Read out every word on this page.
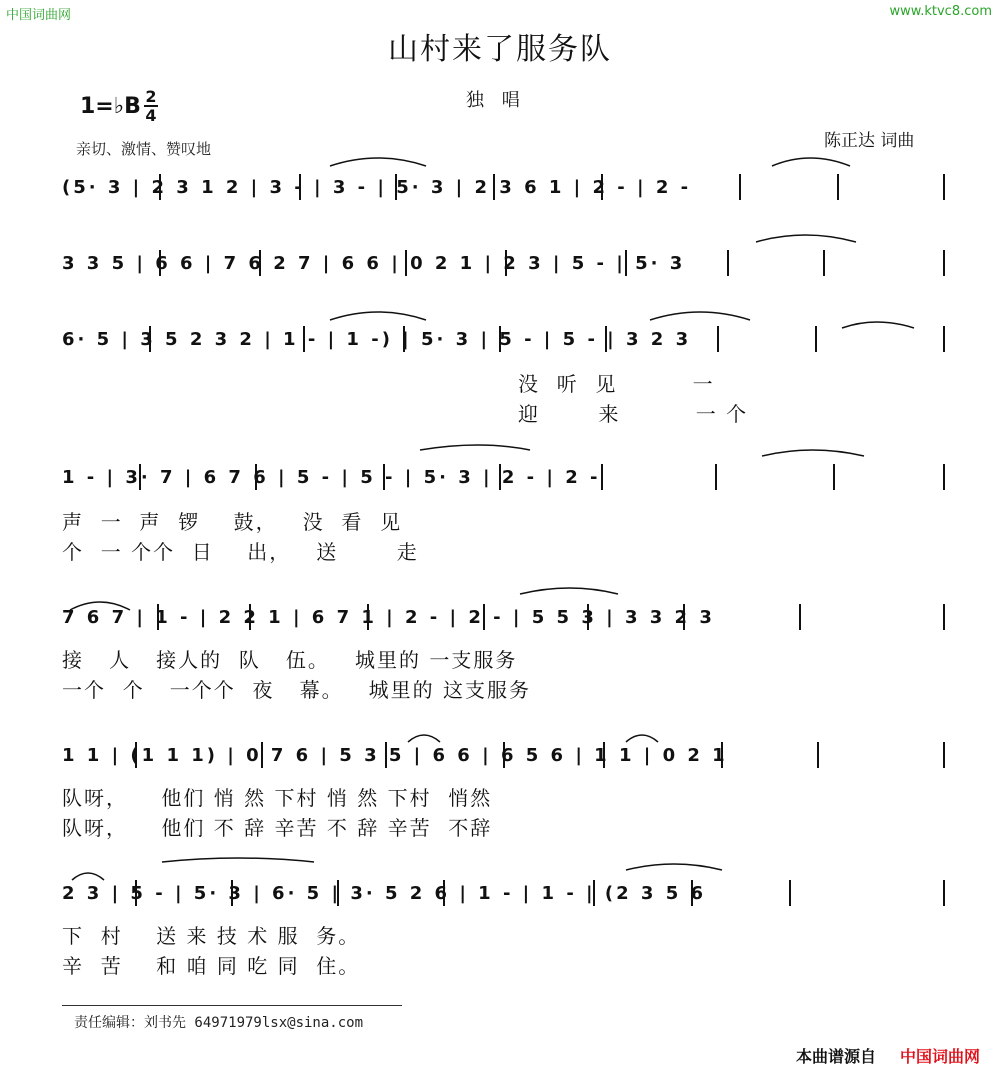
中国词曲网	www.ktvc8.com
山村来了服务队
独 唱
1=♭B $\frac{2}{4}$
亲切、激情、赞叹地	陈正达 词曲
(5· 3 | 2 3 1 2 | 3 - | 3 - | 5· 3 | 2 3 6 1 | 2 - | 2 -
3 3 5 | 6 6 | 7 6 2 7 | 6 6 | 0 2 1 | 2 3 | 5 - | 5· 3
6· 5 | 3 5 2 3 2 | 1 - | 1 -) | 5· 3 | 5 - | 5 - | 3 2 3
没  听  见         一
迎       来         一 个
1 - | 3· 7 | 6 7 6 | 5 - | 5 - | 5· 3 | 2 - | 2 -
声  一  声  锣    鼓，   没  看  见
个  一 个个  日    出，   送       走
7 6 7 | 1 - | 2 2 1 | 6 7 1 | 2 - | 2 - | 5 5 3 | 3 3 2 3
接   人   接人的  队   伍。   城里的 一支服务
一个  个   一个个  夜   幕。   城里的 这支服务
1 1 | (1 1 1) | 0 7 6 | 5 3 5 | 6 6 | 6 5 6 | 1 1 | 0 2 1
队呀，    他们 悄 然 下村 悄 然 下村  悄然
队呀，    他们 不 辞 辛苦 不 辞 辛苦  不辞
2 3 | 5 - | 5· 3 | 6· 5 | 3· 5 2 6 | 1 - | 1 - | (2 3 5 6
下  村    送 来 技 术 服  务。
辛  苦    和 咱 同 吃 同  住。
责任编辑：刘书先 64971979lsx@sina.com
本曲谱源自 中国词曲网
